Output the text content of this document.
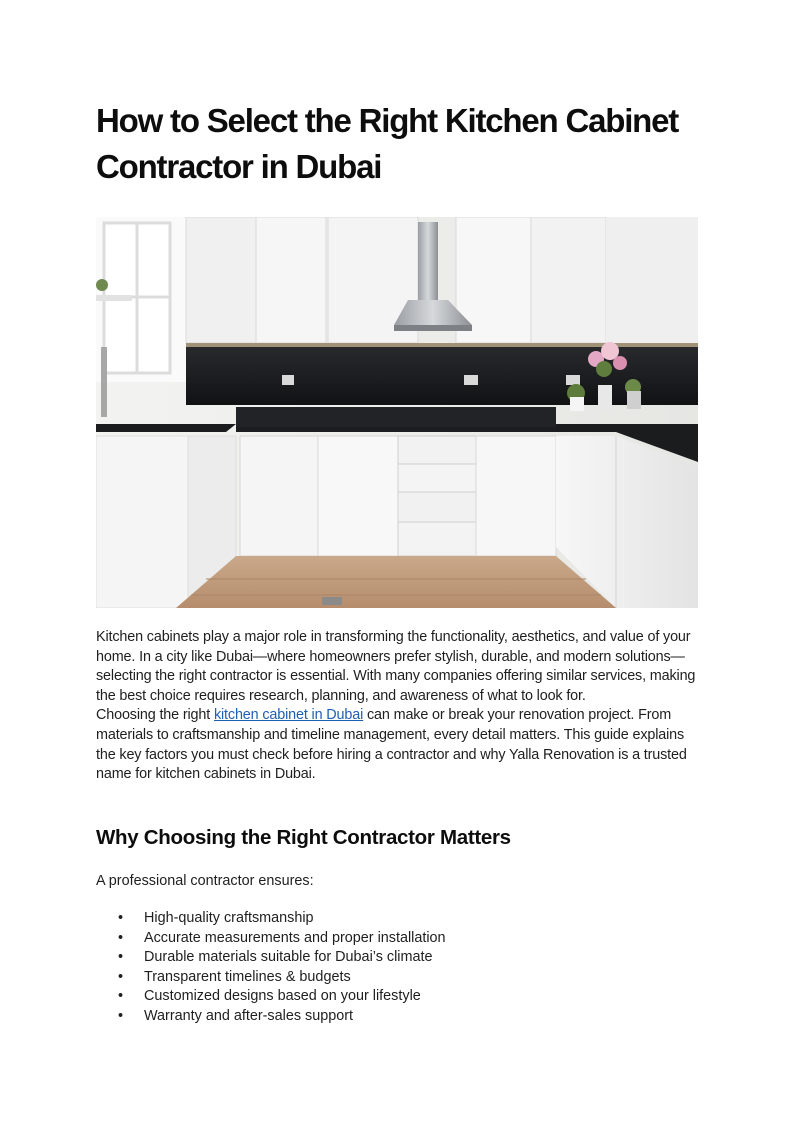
How to Select the Right Kitchen Cabinet Contractor in Dubai

Kitchen cabinets play a major role in transforming the functionality, aesthetics, and value of your home. In a city like Dubai—where homeowners prefer stylish, durable, and modern solutions—selecting the right contractor is essential. With many companies offering similar services, making the best choice requires research, planning, and awareness of what to look for.

Choosing the right kitchen cabinet in Dubai can make or break your renovation project. From materials to craftsmanship and timeline management, every detail matters. This guide explains the key factors you must check before hiring a contractor and why Yalla Renovation is a trusted name for kitchen cabinets in Dubai.

Why Choosing the Right Contractor Matters

A professional contractor ensures:

• High-quality craftsmanship
• Accurate measurements and proper installation
• Durable materials suitable for Dubai’s climate
• Transparent timelines & budgets
• Customized designs based on your lifestyle
• Warranty and after-sales support
